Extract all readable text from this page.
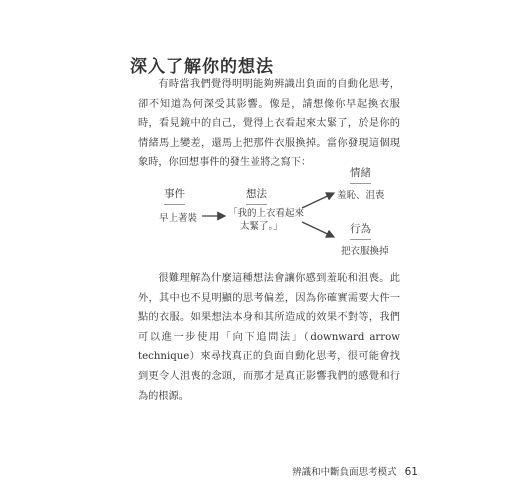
深入了解你的想法

有時當我們覺得明明能夠辨識出負面的自動化思考，卻不知道為何深受其影響。像是，請想像你早起換衣服時，看見鏡中的自己，覺得上衣看起來太緊了，於是你的情緒馬上變差，還馬上把那件衣服換掉。當你發現這個現象時，你回想事件的發生並將之寫下：

事件
早上著裝
想法
「我的上衣看起來
太緊了。」
情緒
羞恥、沮喪
行為
把衣服換掉

很難理解為什麼這種想法會讓你感到羞恥和沮喪。此外，其中也不見明顯的思考偏差，因為你確實需要大件一點的衣服。如果想法本身和其所造成的效果不對等，我們可以進一步使用「向下追問法」（downward arrow technique）來尋找真正的負面自動化思考，很可能會找到更令人沮喪的念頭，而那才是真正影響我們的感覺和行為的根源。

辨識和中斷負面思考模式 61
